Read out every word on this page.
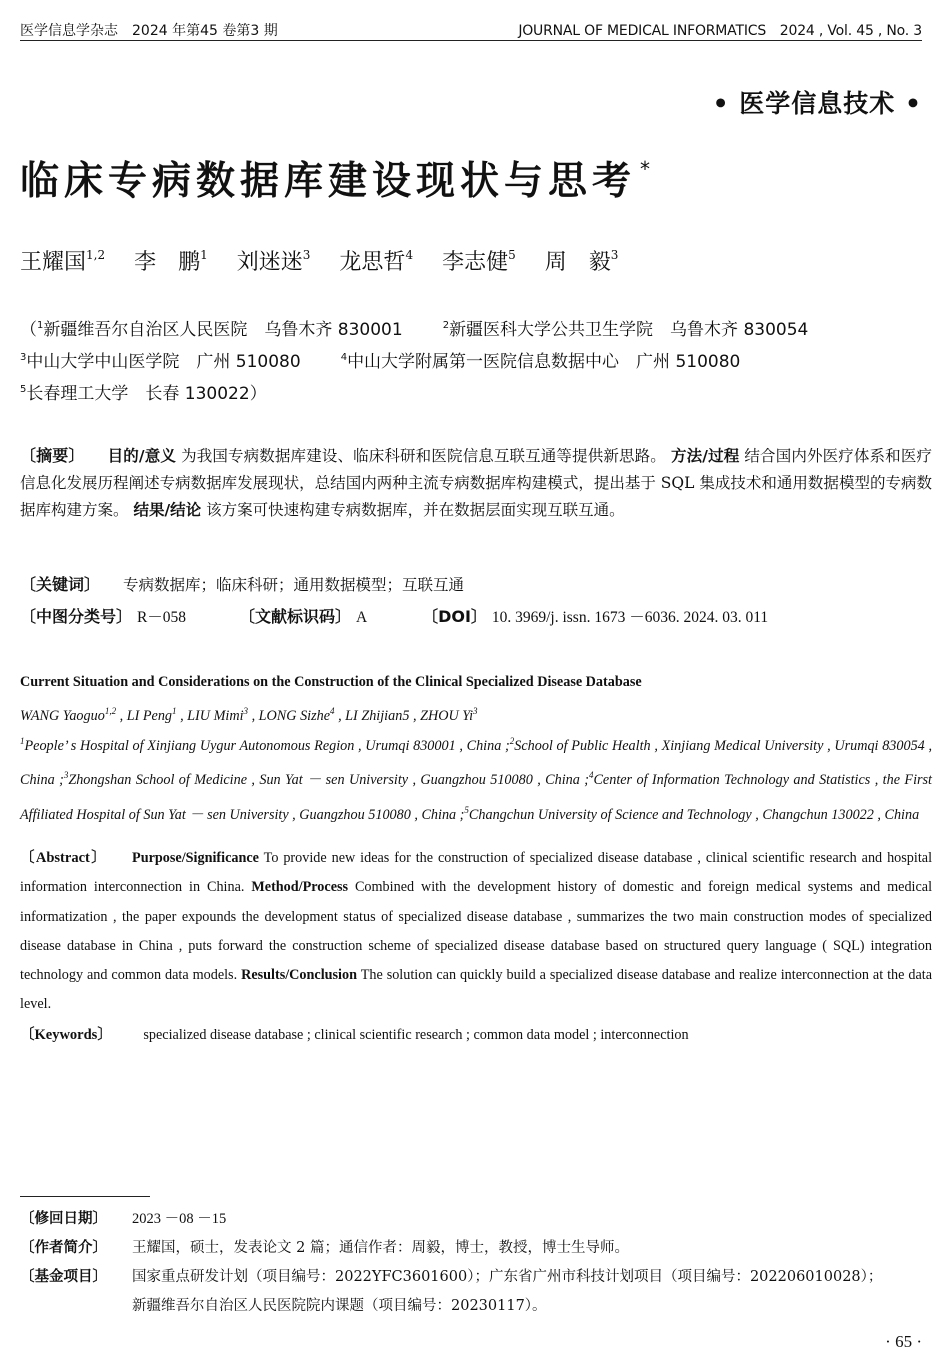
医学信息学杂志　2024 年第45 卷第3 期	JOURNAL OF MEDICAL INFORMATICS　2024 , Vol. 45 , No. 3
• 医学信息技术 •
临床专病数据库建设现状与思考 *
王耀国$^{1,2}$ 李　鹏$^1$ 刘迷迷$^3$ 龙思哲$^4$ 李志健$^5$ 周　毅$^3$
（$^1$新疆维吾尔自治区人民医院　乌鲁木齐 830001	$^2$新疆医科大学公共卫生学院　乌鲁木齐 830054
$^3$中山大学中山医学院　广州 510080	$^4$中山大学附属第一医院信息数据中心　广州 510080
$^5$长春理工大学　长春 130022）
〔摘要〕 目的/意义 为我国专病数据库建设、临床科研和医院信息互联互通等提供新思路。 方法/过程 结合国内外医疗体系和医疗信息化发展历程阐述专病数据库发展现状，总结国内两种主流专病数据库构建模式，提出基于 SQL 集成技术和通用数据模型的专病数据库构建方案。 结果/结论 该方案可快速构建专病数据库，并在数据层面实现互联互通。
〔关键词〕 专病数据库；临床科研；通用数据模型；互联互通
〔中图分类号〕 R－058	〔文献标识码〕 A	〔DOI〕 10. 3969/j. issn. 1673 －6036. 2024. 03. 011
Current Situation and Considerations on the Construction of the Clinical Specialized Disease Database
WANG Yaoguo$^{1,2}$ , LI Peng$^1$ , LIU Mimi$^3$ , LONG Sizhe$^4$ , LI Zhijian5 , ZHOU Yi$^3$
$^1$People’ s Hospital of Xinjiang Uygur Autonomous Region , Urumqi 830001 , China ;$^2$School of Public Health , Xinjiang Medical University , Urumqi 830054 , China ;$^3$Zhongshan School of Medicine , Sun Yat － sen University , Guangzhou 510080 , China ;$^4$Center of Information Technology and Statistics , the First Affiliated Hospital of Sun Yat － sen University , Guangzhou 510080 , China ;$^5$Changchun University of Science and Technology , Changchun 130022 , China
〔Abstract〕 Purpose/Significance To provide new ideas for the construction of specialized disease database , clinical scientific research and hospital information interconnection in China. Method/Process Combined with the development history of domestic and foreign medical systems and medical informatization , the paper expounds the development status of specialized disease database , summarizes the two main construction modes of specialized disease database in China , puts forward the construction scheme of specialized disease database based on structured query language ( SQL) integration technology and common data models. Results/Conclusion The solution can quickly build a specialized disease database and realize interconnection at the data level.
〔Keywords〕 specialized disease database ; clinical scientific research ; common data model ; interconnection
〔修回日期〕 2023 －08 －15
〔作者简介〕 王耀国，硕士，发表论文 2 篇；通信作者：周毅，博士，教授，博士生导师。
〔基金项目〕 国家重点研发计划（项目编号：2022YFC3601600）；广东省广州市科技计划项目（项目编号：202206010028）；
新疆维吾尔自治区人民医院院内课题（项目编号：20230117）。
· 65 ·
